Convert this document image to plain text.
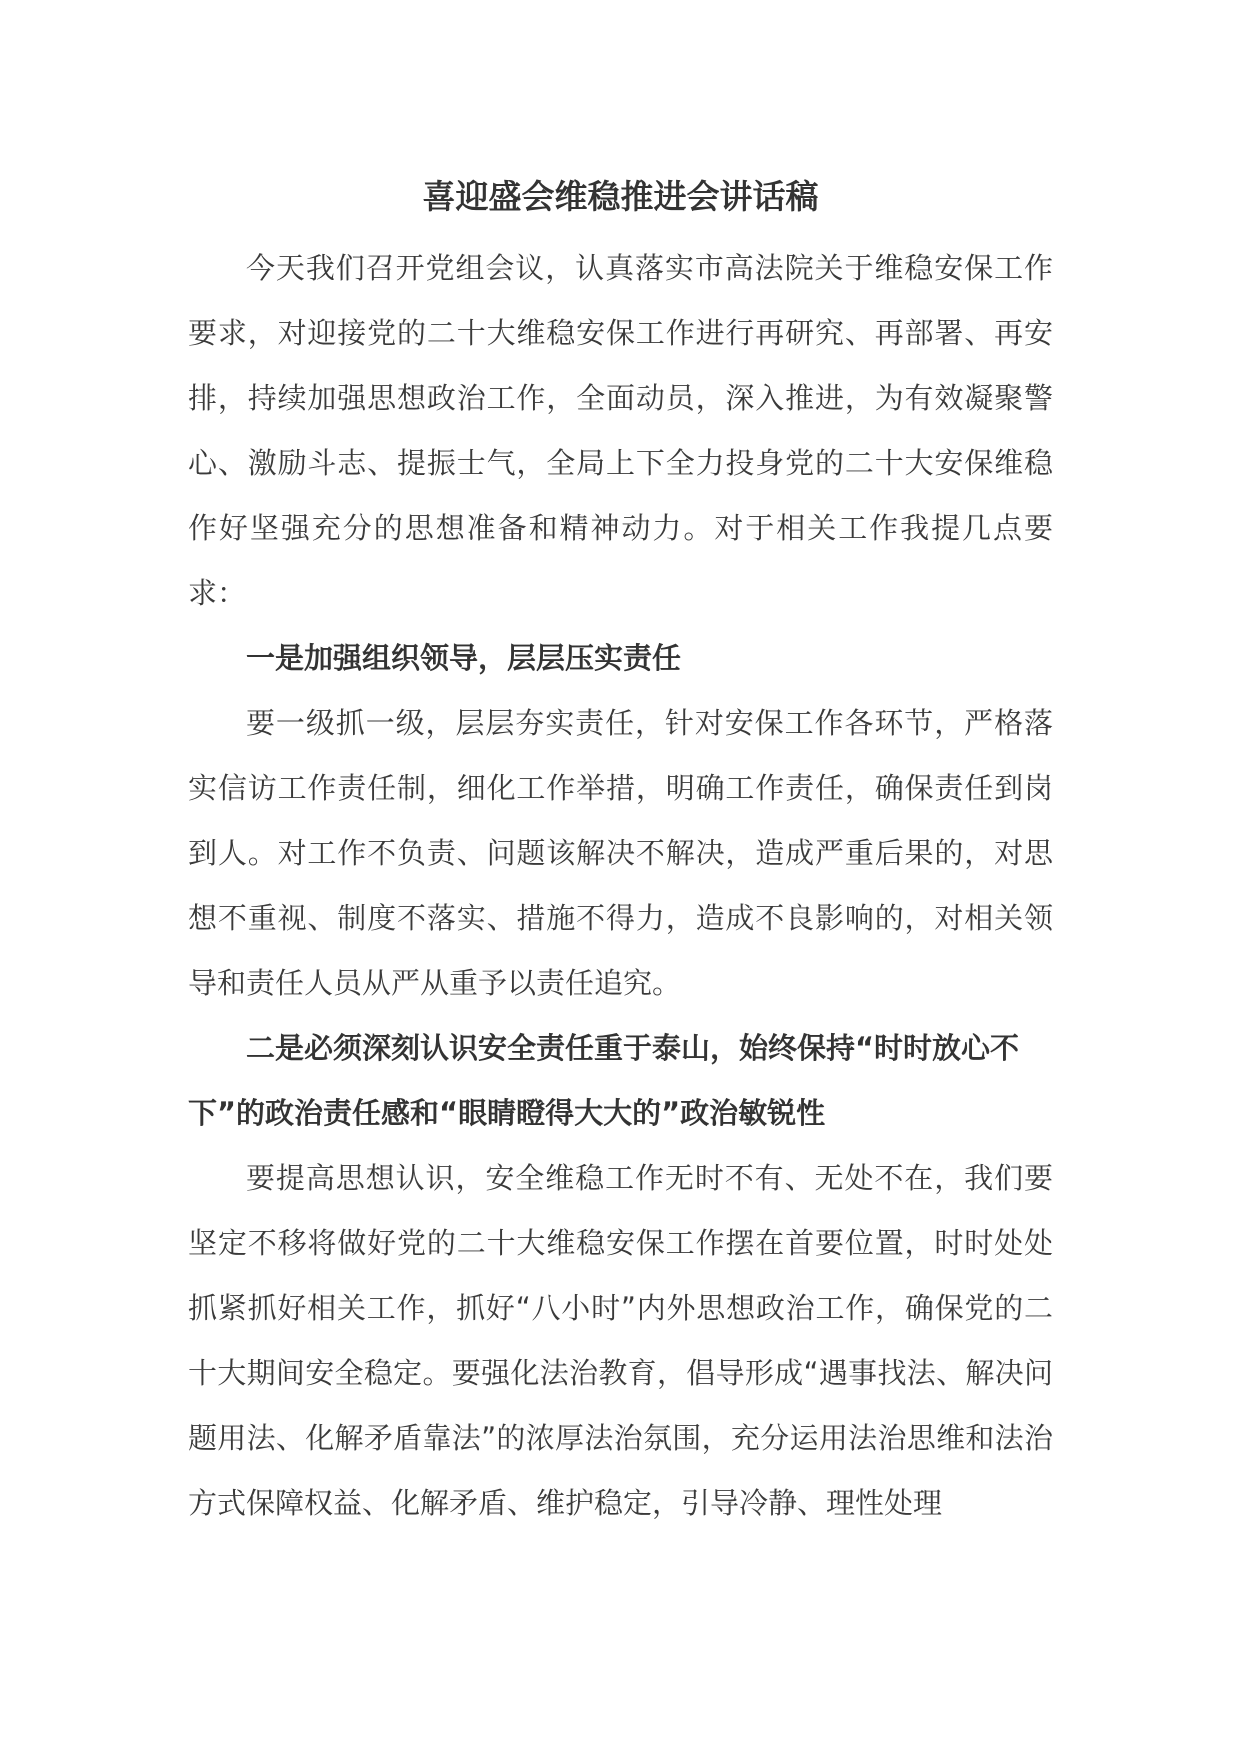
喜迎盛会维稳推进会讲话稿

今天我们召开党组会议，认真落实市高法院关于维稳安保工作要求，对迎接党的二十大维稳安保工作进行再研究、再部署、再安排，持续加强思想政治工作，全面动员，深入推进，为有效凝聚警心、激励斗志、提振士气，全局上下全力投身党的二十大安保维稳作好坚强充分的思想准备和精神动力。对于相关工作我提几点要求：

一是加强组织领导，层层压实责任

要一级抓一级，层层夯实责任，针对安保工作各环节，严格落实信访工作责任制，细化工作举措，明确工作责任，确保责任到岗到人。对工作不负责、问题该解决不解决，造成严重后果的，对思想不重视、制度不落实、措施不得力，造成不良影响的，对相关领导和责任人员从严从重予以责任追究。

二是必须深刻认识安全责任重于泰山，始终保持“时时放心不下”的政治责任感和“眼睛瞪得大大的”政治敏锐性

要提高思想认识，安全维稳工作无时不有、无处不在，我们要坚定不移将做好党的二十大维稳安保工作摆在首要位置，时时处处抓紧抓好相关工作，抓好“八小时”内外思想政治工作，确保党的二十大期间安全稳定。要强化法治教育，倡导形成“遇事找法、解决问题用法、化解矛盾靠法”的浓厚法治氛围，充分运用法治思维和法治方式保障权益、化解矛盾、维护稳定，引导冷静、理性处理
